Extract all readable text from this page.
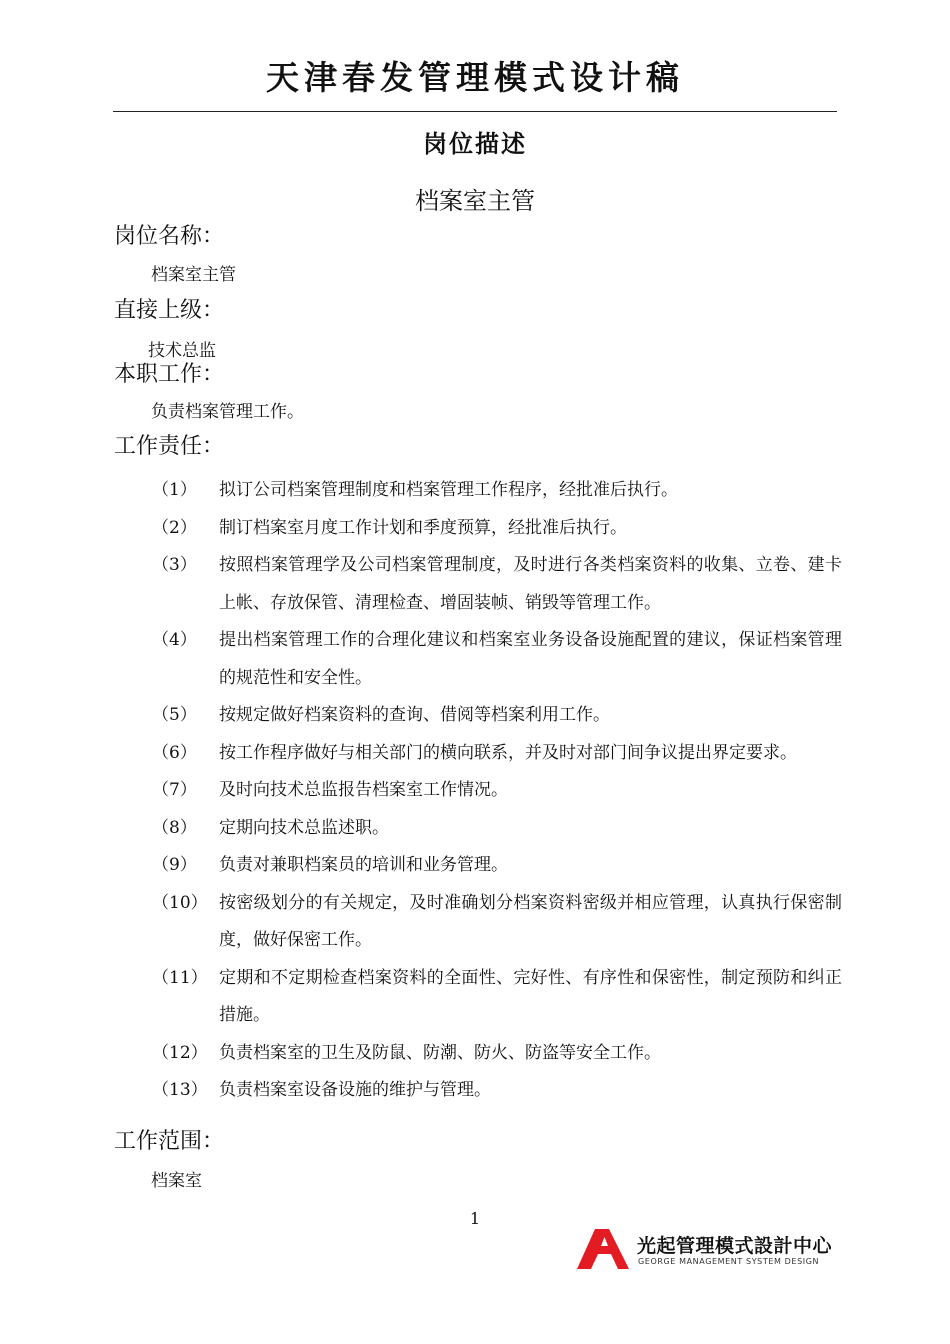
天津春发管理模式设计稿
岗位描述
档案室主管
岗位名称：
档案室主管
直接上级：
技术总监
本职工作：
负责档案管理工作。
工作责任：
（1）	拟订公司档案管理制度和档案管理工作程序，经批准后执行。
（2）	制订档案室月度工作计划和季度预算，经批准后执行。
（3）	按照档案管理学及公司档案管理制度，及时进行各类档案资料的收集、立卷、建卡上帐、存放保管、清理检查、增固装帧、销毁等管理工作。
（4）	提出档案管理工作的合理化建议和档案室业务设备设施配置的建议，保证档案管理的规范性和安全性。
（5）	按规定做好档案资料的查询、借阅等档案利用工作。
（6）	按工作程序做好与相关部门的横向联系，并及时对部门间争议提出界定要求。
（7）	及时向技术总监报告档案室工作情况。
（8）	定期向技术总监述职。
（9）	负责对兼职档案员的培训和业务管理。
（10） 按密级划分的有关规定，及时准确划分档案资料密级并相应管理，认真执行保密制度，做好保密工作。
（11） 定期和不定期检查档案资料的全面性、完好性、有序性和保密性，制定预防和纠正措施。
（12） 负责档案室的卫生及防鼠、防潮、防火、防盗等安全工作。
（13） 负责档案室设备设施的维护与管理。
工作范围：
档案室
1
光起管理模式設計中心
GEORGE MANAGEMENT SYSTEM DESIGN
